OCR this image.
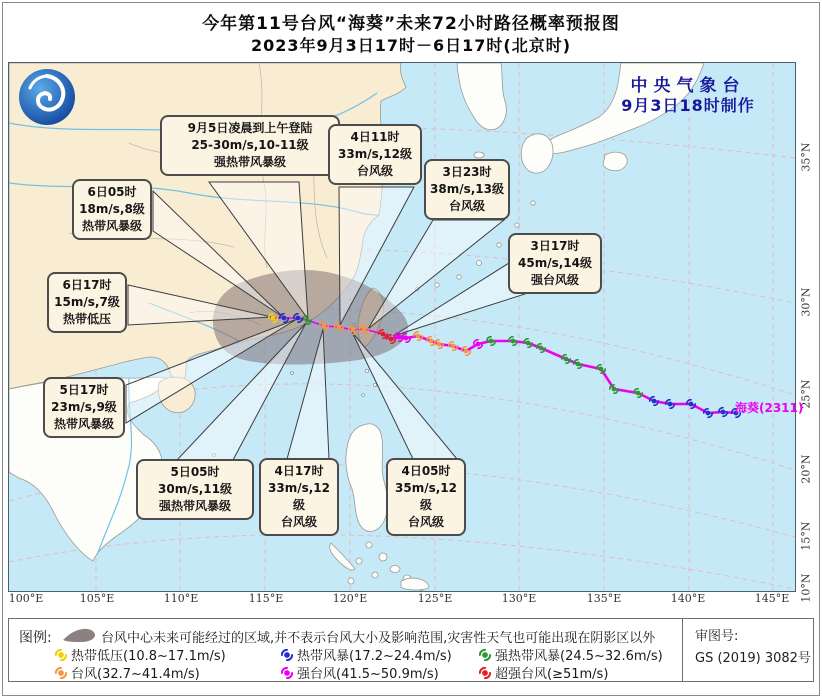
今年第11号台风“海葵”未来72小时路径概率预报图
2023年9月3日17时－6日17时(北京时)
中央气象台
9月3日18时制作
海葵(2311)
9月5日凌晨到上午登陆
25-30m/s,10-11级
强热带风暴级
4日11时
33m/s,12级
台风级	3日23时
38m/s,13级
台风级
3日17时
45m/s,14级
强台风级
6日05时
18m/s,8级
热带风暴级
6日17时
15m/s,7级
热带低压
5日17时
23m/s,9级
热带风暴级
5日05时
30m/s,11级
强热带风暴级
4日17时
33m/s,12级
台风级
4日05时
35m/s,12级
台风级
100°E	105°E	110°E	115°E	120°E	125°E	130°E	135°E	140°E	145°E
35°N
30°N
25°N
20°N
15°N
10°N
图例:	台风中心未来可能经过的区域,并不表示台风大小及影响范围,灾害性天气也可能出现在阴影区以外
热带低压(10.8~17.1m/s)	热带风暴(17.2~24.4m/s)	强热带风暴(24.5~32.6m/s)
台风(32.7~41.4m/s)	强台风(41.5~50.9m/s)	超强台风(≥51m/s)
审图号:
GS (2019) 3082号
